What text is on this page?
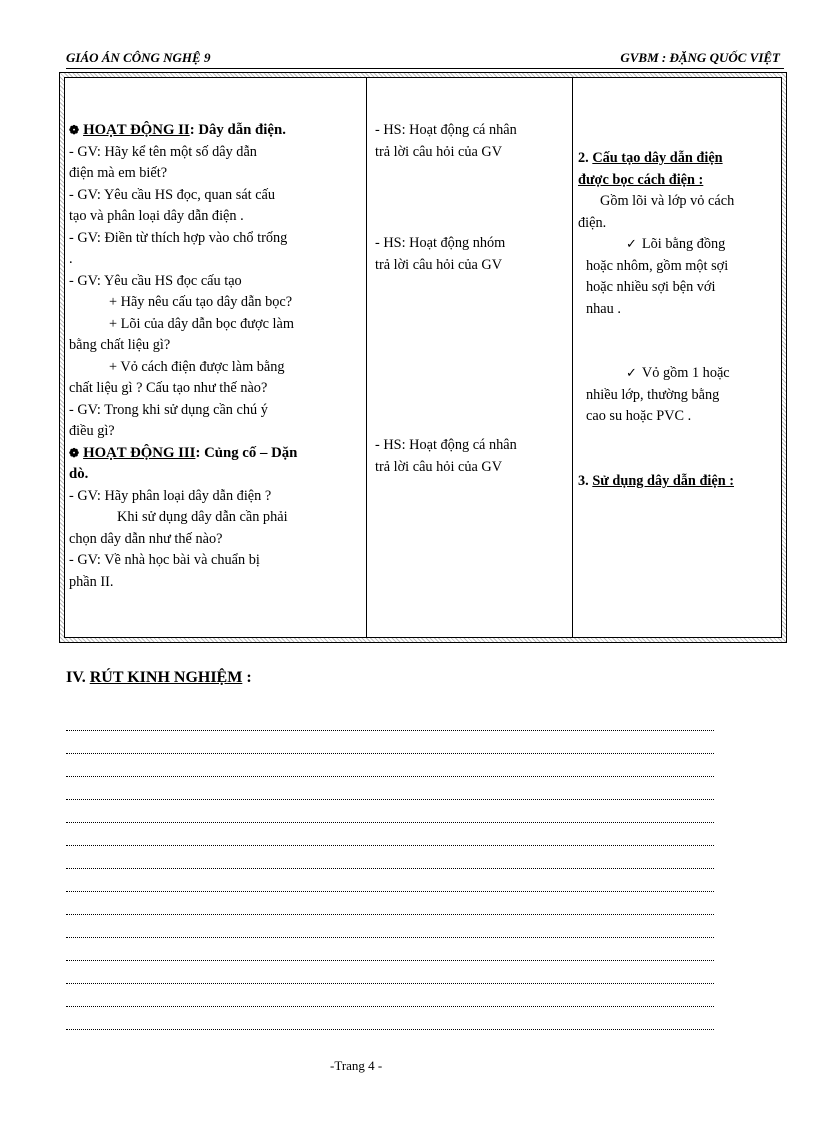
GIÁO ÁN CÔNG NGHỆ 9	GVBM : ĐẶNG QUỐC VIỆT
❁ HOẠT ĐỘNG II: Dây dẫn điện.
- GV: Hãy kể tên một số dây dẫn
điện mà em biết?
- GV: Yêu cầu HS đọc, quan sát cấu
tạo và phân loại dây dẫn điện .
- GV: Điền từ thích hợp vào chổ trống
.
- GV: Yêu cầu HS đọc cấu tạo
+ Hãy nêu cấu tạo dây dẫn bọc?
+ Lõi của dây dẫn bọc được làm
bằng chất liệu gì?
+ Vỏ cách điện được làm bằng
chất liệu gì ? Cấu tạo như thế nào?
- GV: Trong khi sử dụng cần chú ý
điều gì?
❁ HOẠT ĐỘNG III: Củng cố – Dặn
dò.
- GV: Hãy phân loại dây dẫn điện ?
Khi sử dụng dây dẫn cần phải
chọn dây dẫn như thế nào?
- GV: Về nhà học bài và chuẩn bị
phần II.
- HS: Hoạt động cá nhân
trả lời câu hỏi của GV
- HS: Hoạt động nhóm
trả lời câu hỏi của GV
- HS: Hoạt động cá nhân
trả lời câu hỏi của GV
2. Cấu tạo dây dẫn điện
được bọc cách điện :
Gồm lõi và lớp vỏ cách
điện.
✓ Lõi bằng đồng
hoặc nhôm, gồm một sợi
hoặc nhiều sợi bện với
nhau .
✓ Vỏ gồm 1 hoặc
nhiều lớp, thường bằng
cao su hoặc PVC .
3. Sử dụng dây dẫn điện :
IV. RÚT KINH NGHIỆM :
-Trang 4 -
